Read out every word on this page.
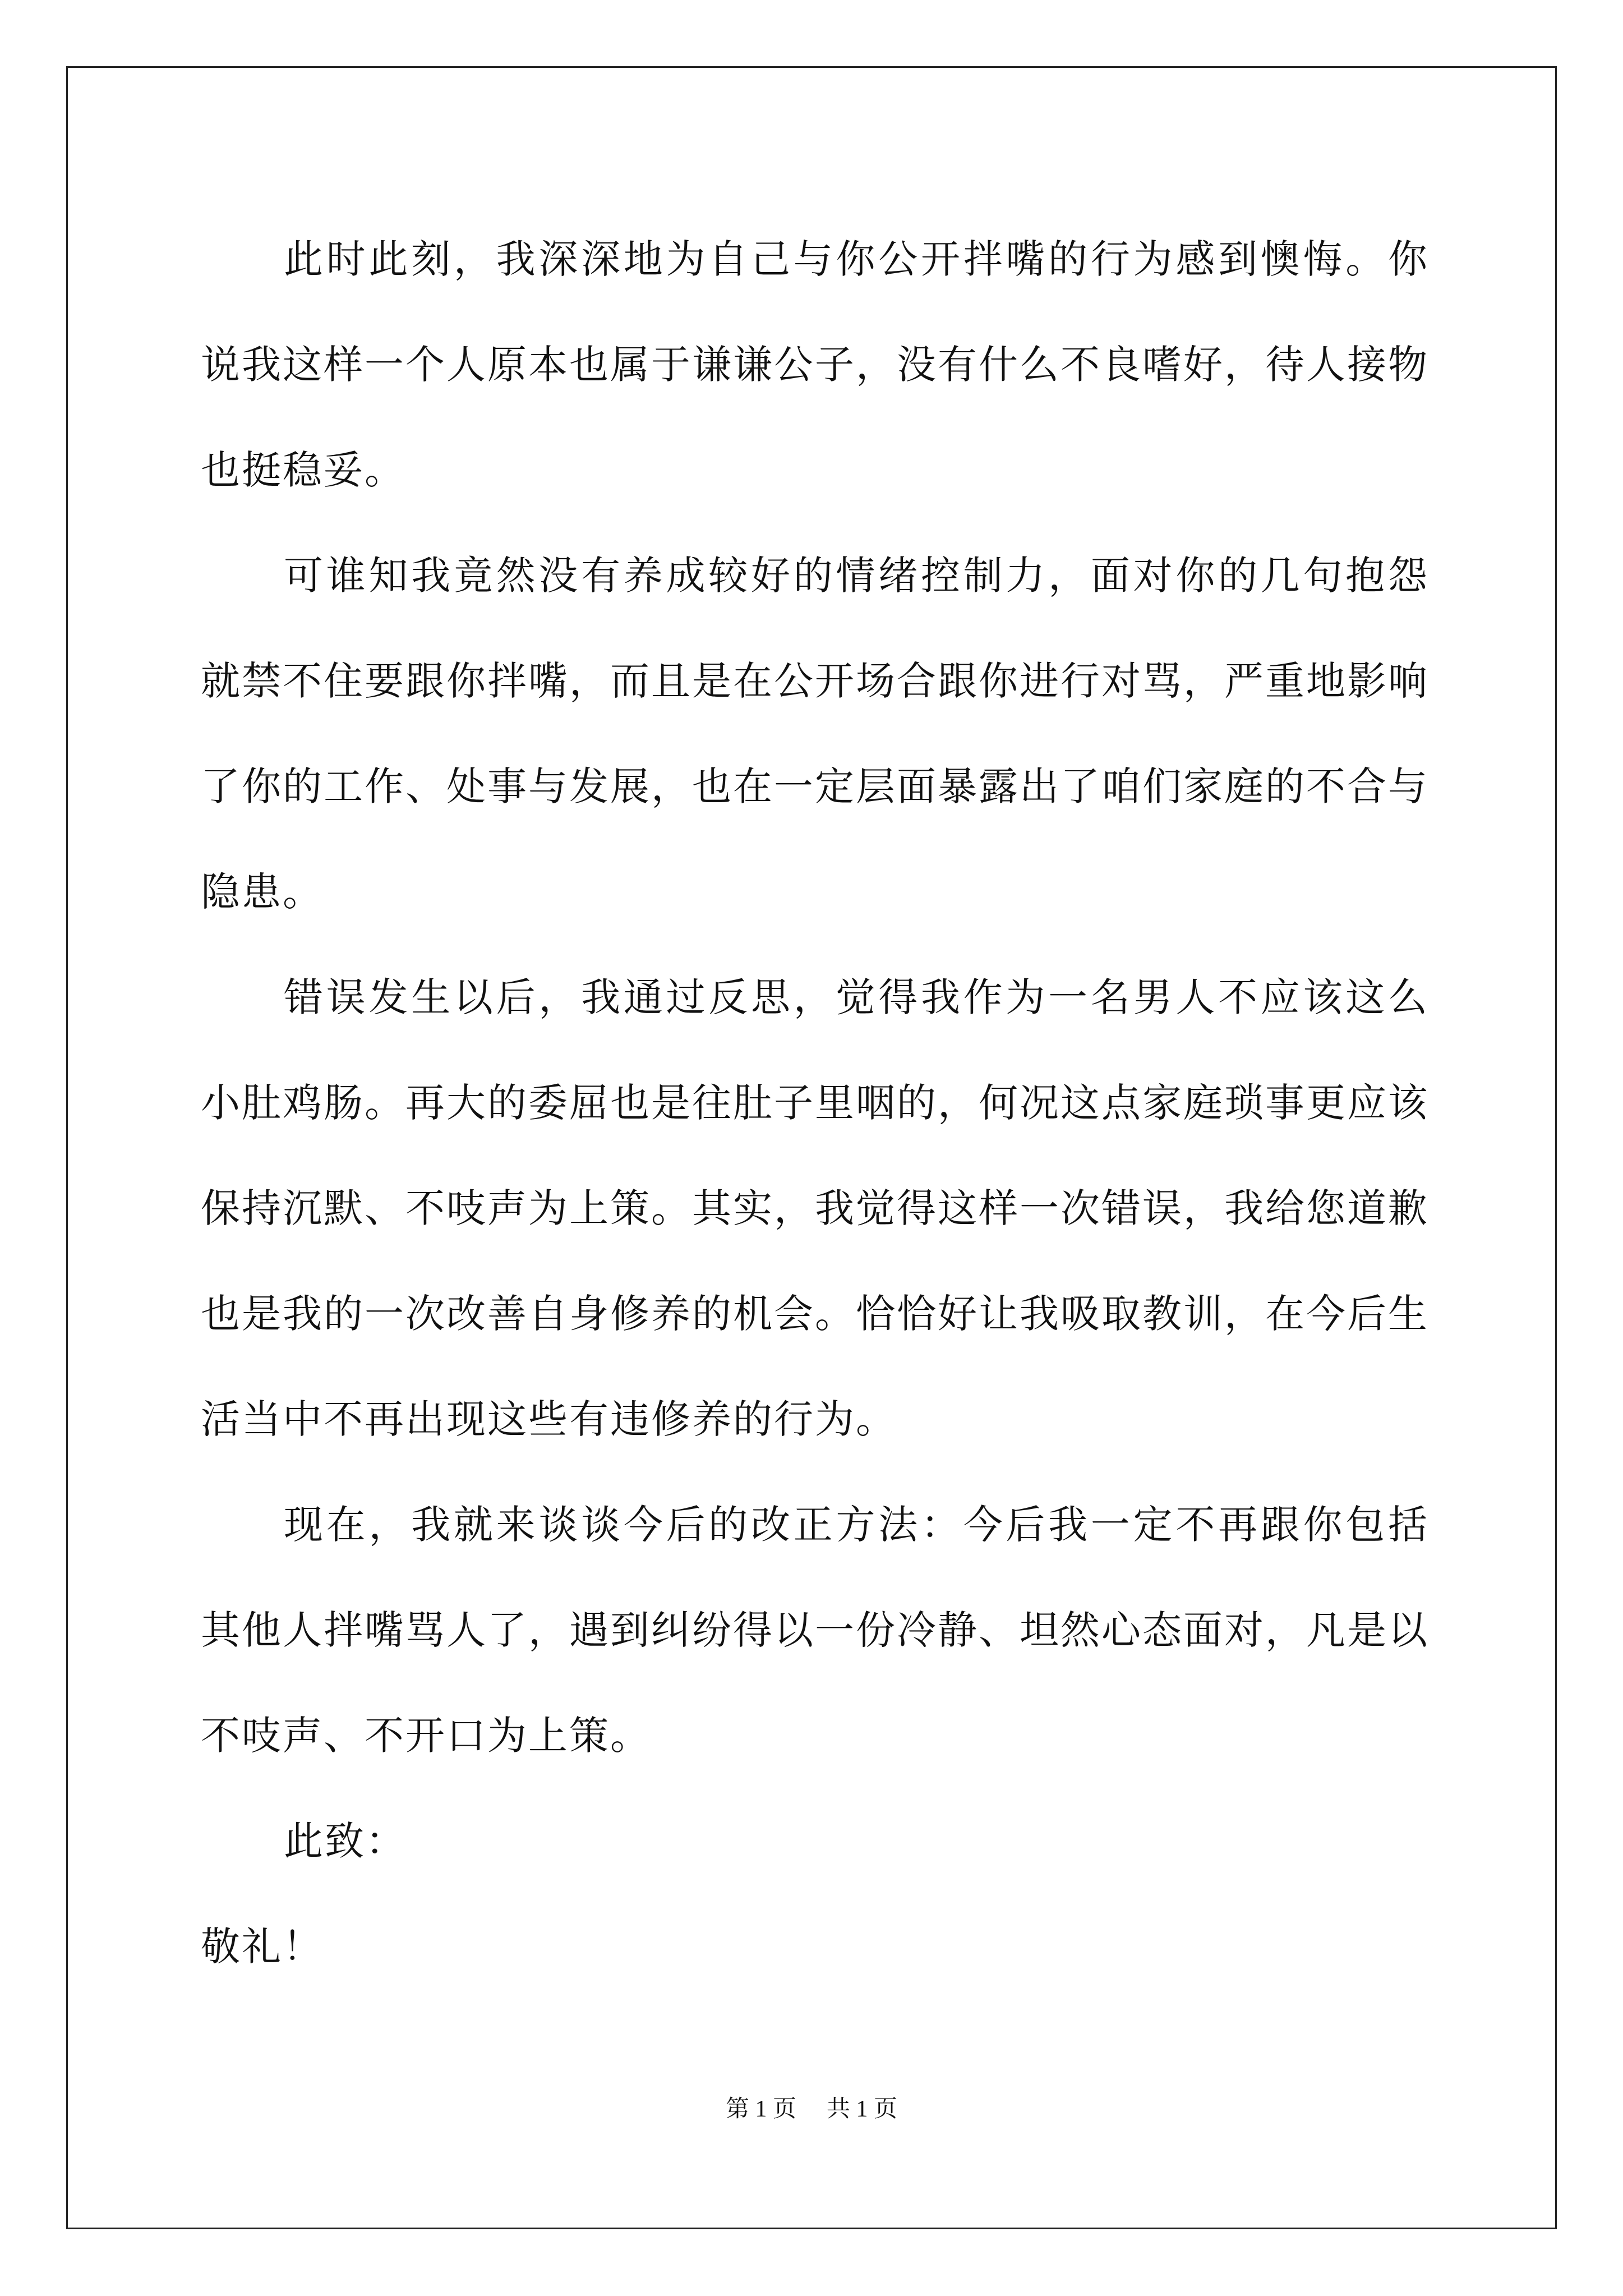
此时此刻，我深深地为自己与你公开拌嘴的行为感到懊悔。你说我这样一个人原本也属于谦谦公子，没有什么不良嗜好，待人接物也挺稳妥。

可谁知我竟然没有养成较好的情绪控制力，面对你的几句抱怨就禁不住要跟你拌嘴，而且是在公开场合跟你进行对骂，严重地影响了你的工作、处事与发展，也在一定层面暴露出了咱们家庭的不合与隐患。

错误发生以后，我通过反思，觉得我作为一名男人不应该这么小肚鸡肠。再大的委屈也是往肚子里咽的，何况这点家庭琐事更应该保持沉默、不吱声为上策。其实，我觉得这样一次错误，我给您道歉也是我的一次改善自身修养的机会。恰恰好让我吸取教训，在今后生活当中不再出现这些有违修养的行为。

现在，我就来谈谈今后的改正方法：今后我一定不再跟你包括其他人拌嘴骂人了，遇到纠纷得以一份冷静、坦然心态面对，凡是以不吱声、不开口为上策。

此致：

敬礼！

第 1 页 共 1 页
